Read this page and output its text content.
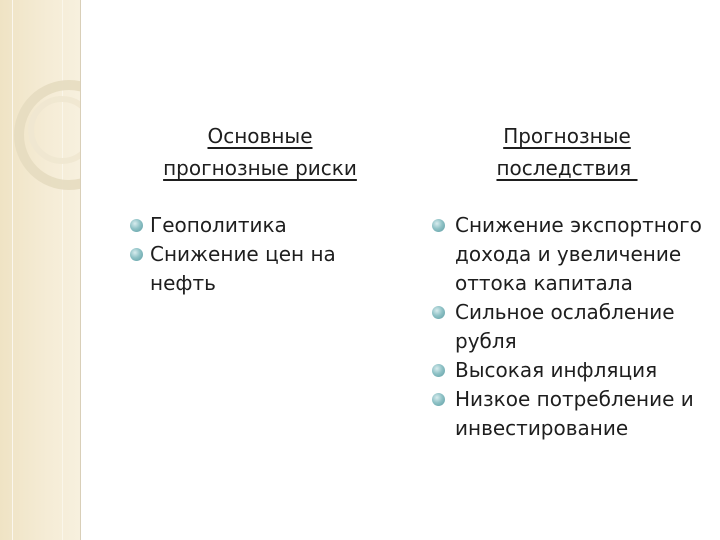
Основные
прогнозные риски
Геополитика
Снижение цен на нефть
Прогнозные
последствия
Снижение экспортного дохода и увеличение оттока капитала
Сильное ослабление рубля
Высокая инфляция
Низкое потребление и инвестирование
